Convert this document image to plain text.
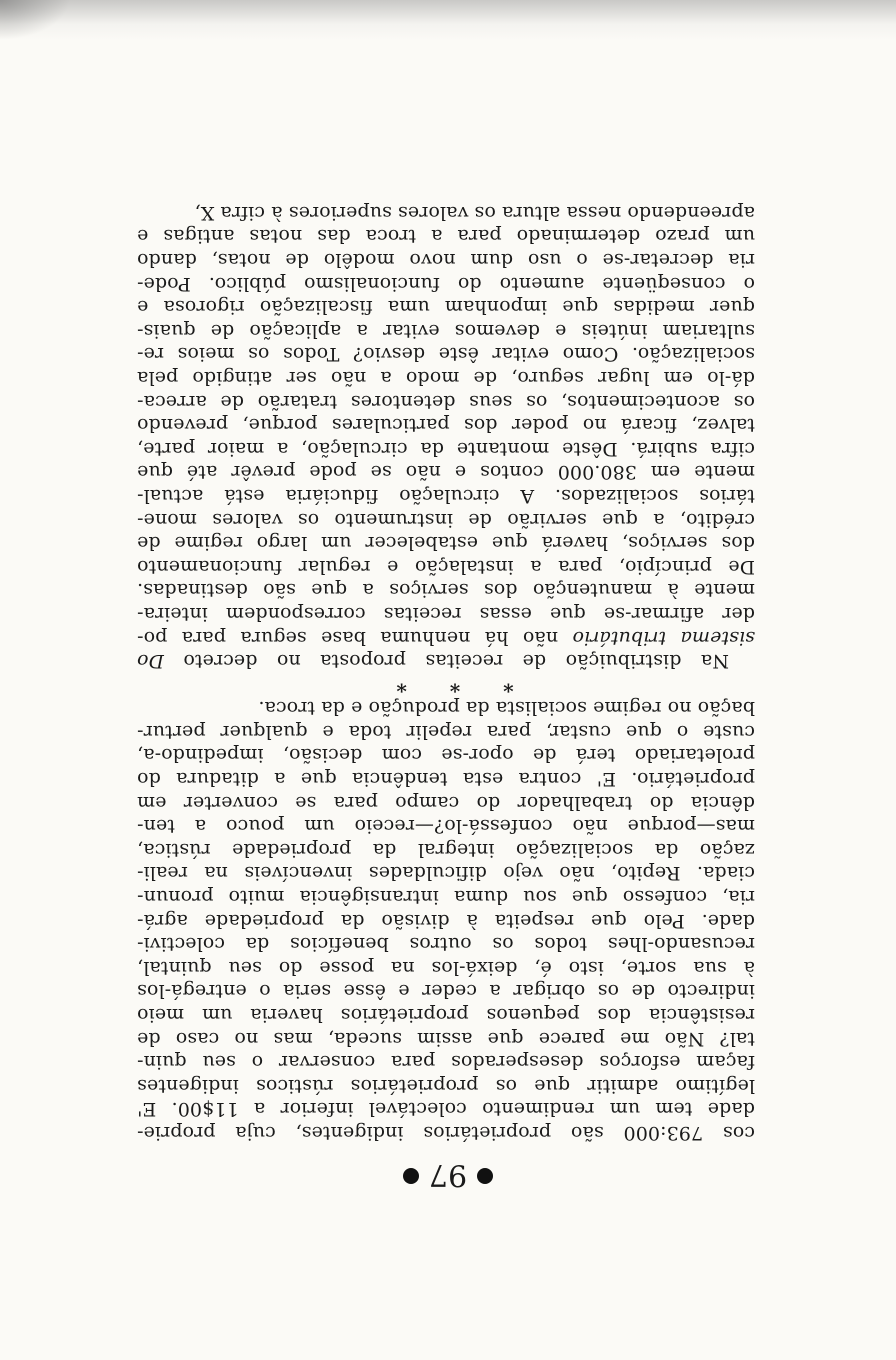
97
cos 793:000 são proprietários indigentes, cuja proprie-
dade tem um rendimento colectável inferior a 11$00. E'
legítimo admitir que os proprietários rústicos indigentes
façam esforços desesperados para conservar o seu quin-
tal? Não me parece que assim suceda, mas no caso de
resistência dos pequenos proprietários haveria um meio
indirecto de os obrigar a ceder e êsse seria o entregá-los
à sua sorte, isto é, deixá-los na posse do seu quintal,
recusando-lhes todos os outros benefícios da colectivi-
dade. Pelo que respeita à divisão da propriedade agrá-
ria, confesso que sou duma intransigência muito pronun-
ciada. Repito, não vejo dificuldades invencíveis na reali-
zação da socialização integral da propriedade rústica,
mas—porque não confessá-lo?—receio um pouco a ten-
dência do trabalhador do campo para se converter em
proprietário. E' contra esta tendência que a ditadura do
proletariado terá de opor-se com decisão, impedindo-a,
custe o que custar, para repelir toda e qualquer pertur-
bação no regime socialista da produção e da troca.
* * *
Na distribuição de receitas proposta no decreto Do
sistema tributário não há nenhuma base segura para po-
der afirmar-se que essas receitas correspondem inteira-
mente à manutenção dos serviços a que são destinadas.
De princípio, para a instalação e regular funcionamento
dos serviços, haverá que estabelecer um largo regime de
crédito, a que servirão de instrumento os valores mone-
tários socializados. A circulação fiduciária está actual-
mente em 380.000 contos e não se pode prevêr até que
cifra subirá. Dêste montante da circulação, a maior parte,
talvez, ficará no poder dos particulares porque, prevendo
os acontecimentos, os seus detentores tratarão de arreca-
dá-lo em lugar seguro, de modo a não ser atingido pela
socialização. Como evitar êste desvio? Todos os meios re-
sultariam inúteis e devemos evitar a aplicação de quais-
quer medidas que imponham uma fiscalização rigorosa e
o conseqüente aumento do funcionalismo público. Pode-
ria decretar-se o uso dum novo modêlo de notas, dando
um prazo determinado para a troca das notas antigas e
apreendendo nessa altura os valores superiores à cifra X,
